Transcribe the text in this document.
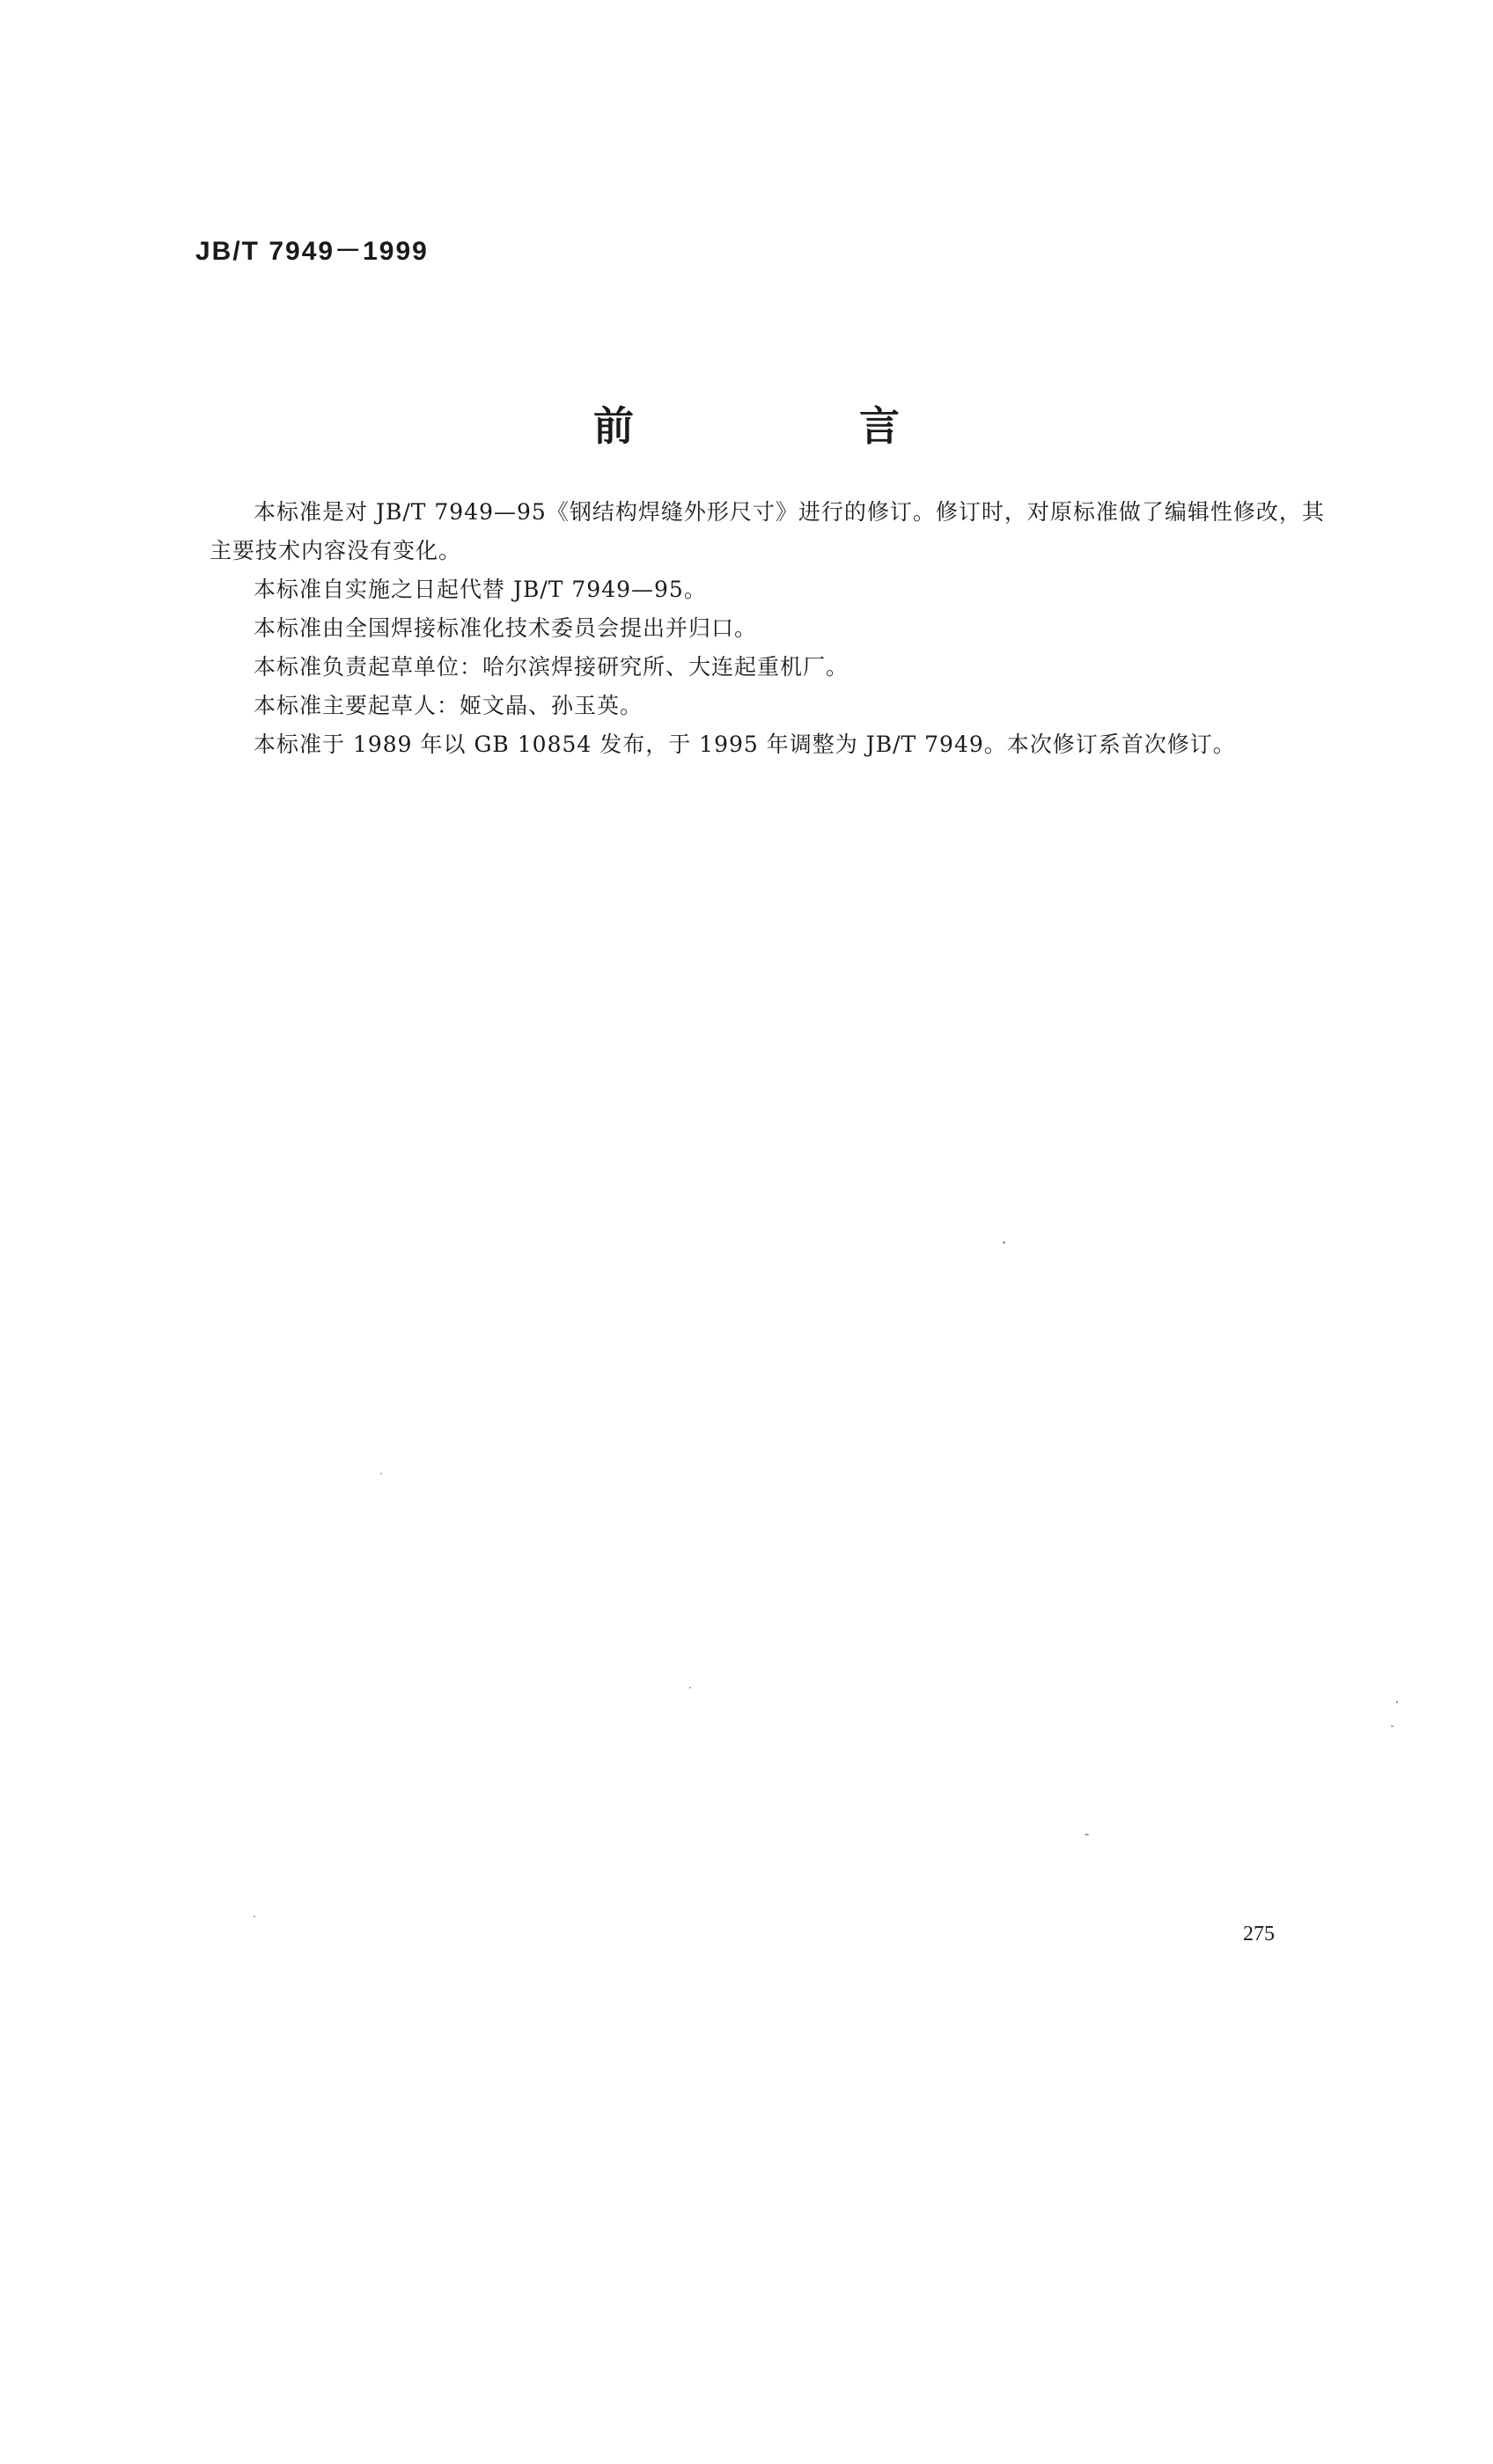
JB/T 7949－1999
前 言

本标准是对 JB/T 7949—95《钢结构焊缝外形尺寸》进行的修订。修订时，对原标准做了编辑性修改，其主要技术内容没有变化。

本标准自实施之日起代替 JB/T 7949—95。

本标准由全国焊接标准化技术委员会提出并归口。

本标准负责起草单位：哈尔滨焊接研究所、大连起重机厂。

本标准主要起草人：姬文晶、孙玉英。

本标准于 1989 年以 GB 10854 发布，于 1995 年调整为 JB/T 7949。本次修订系首次修订。

275
